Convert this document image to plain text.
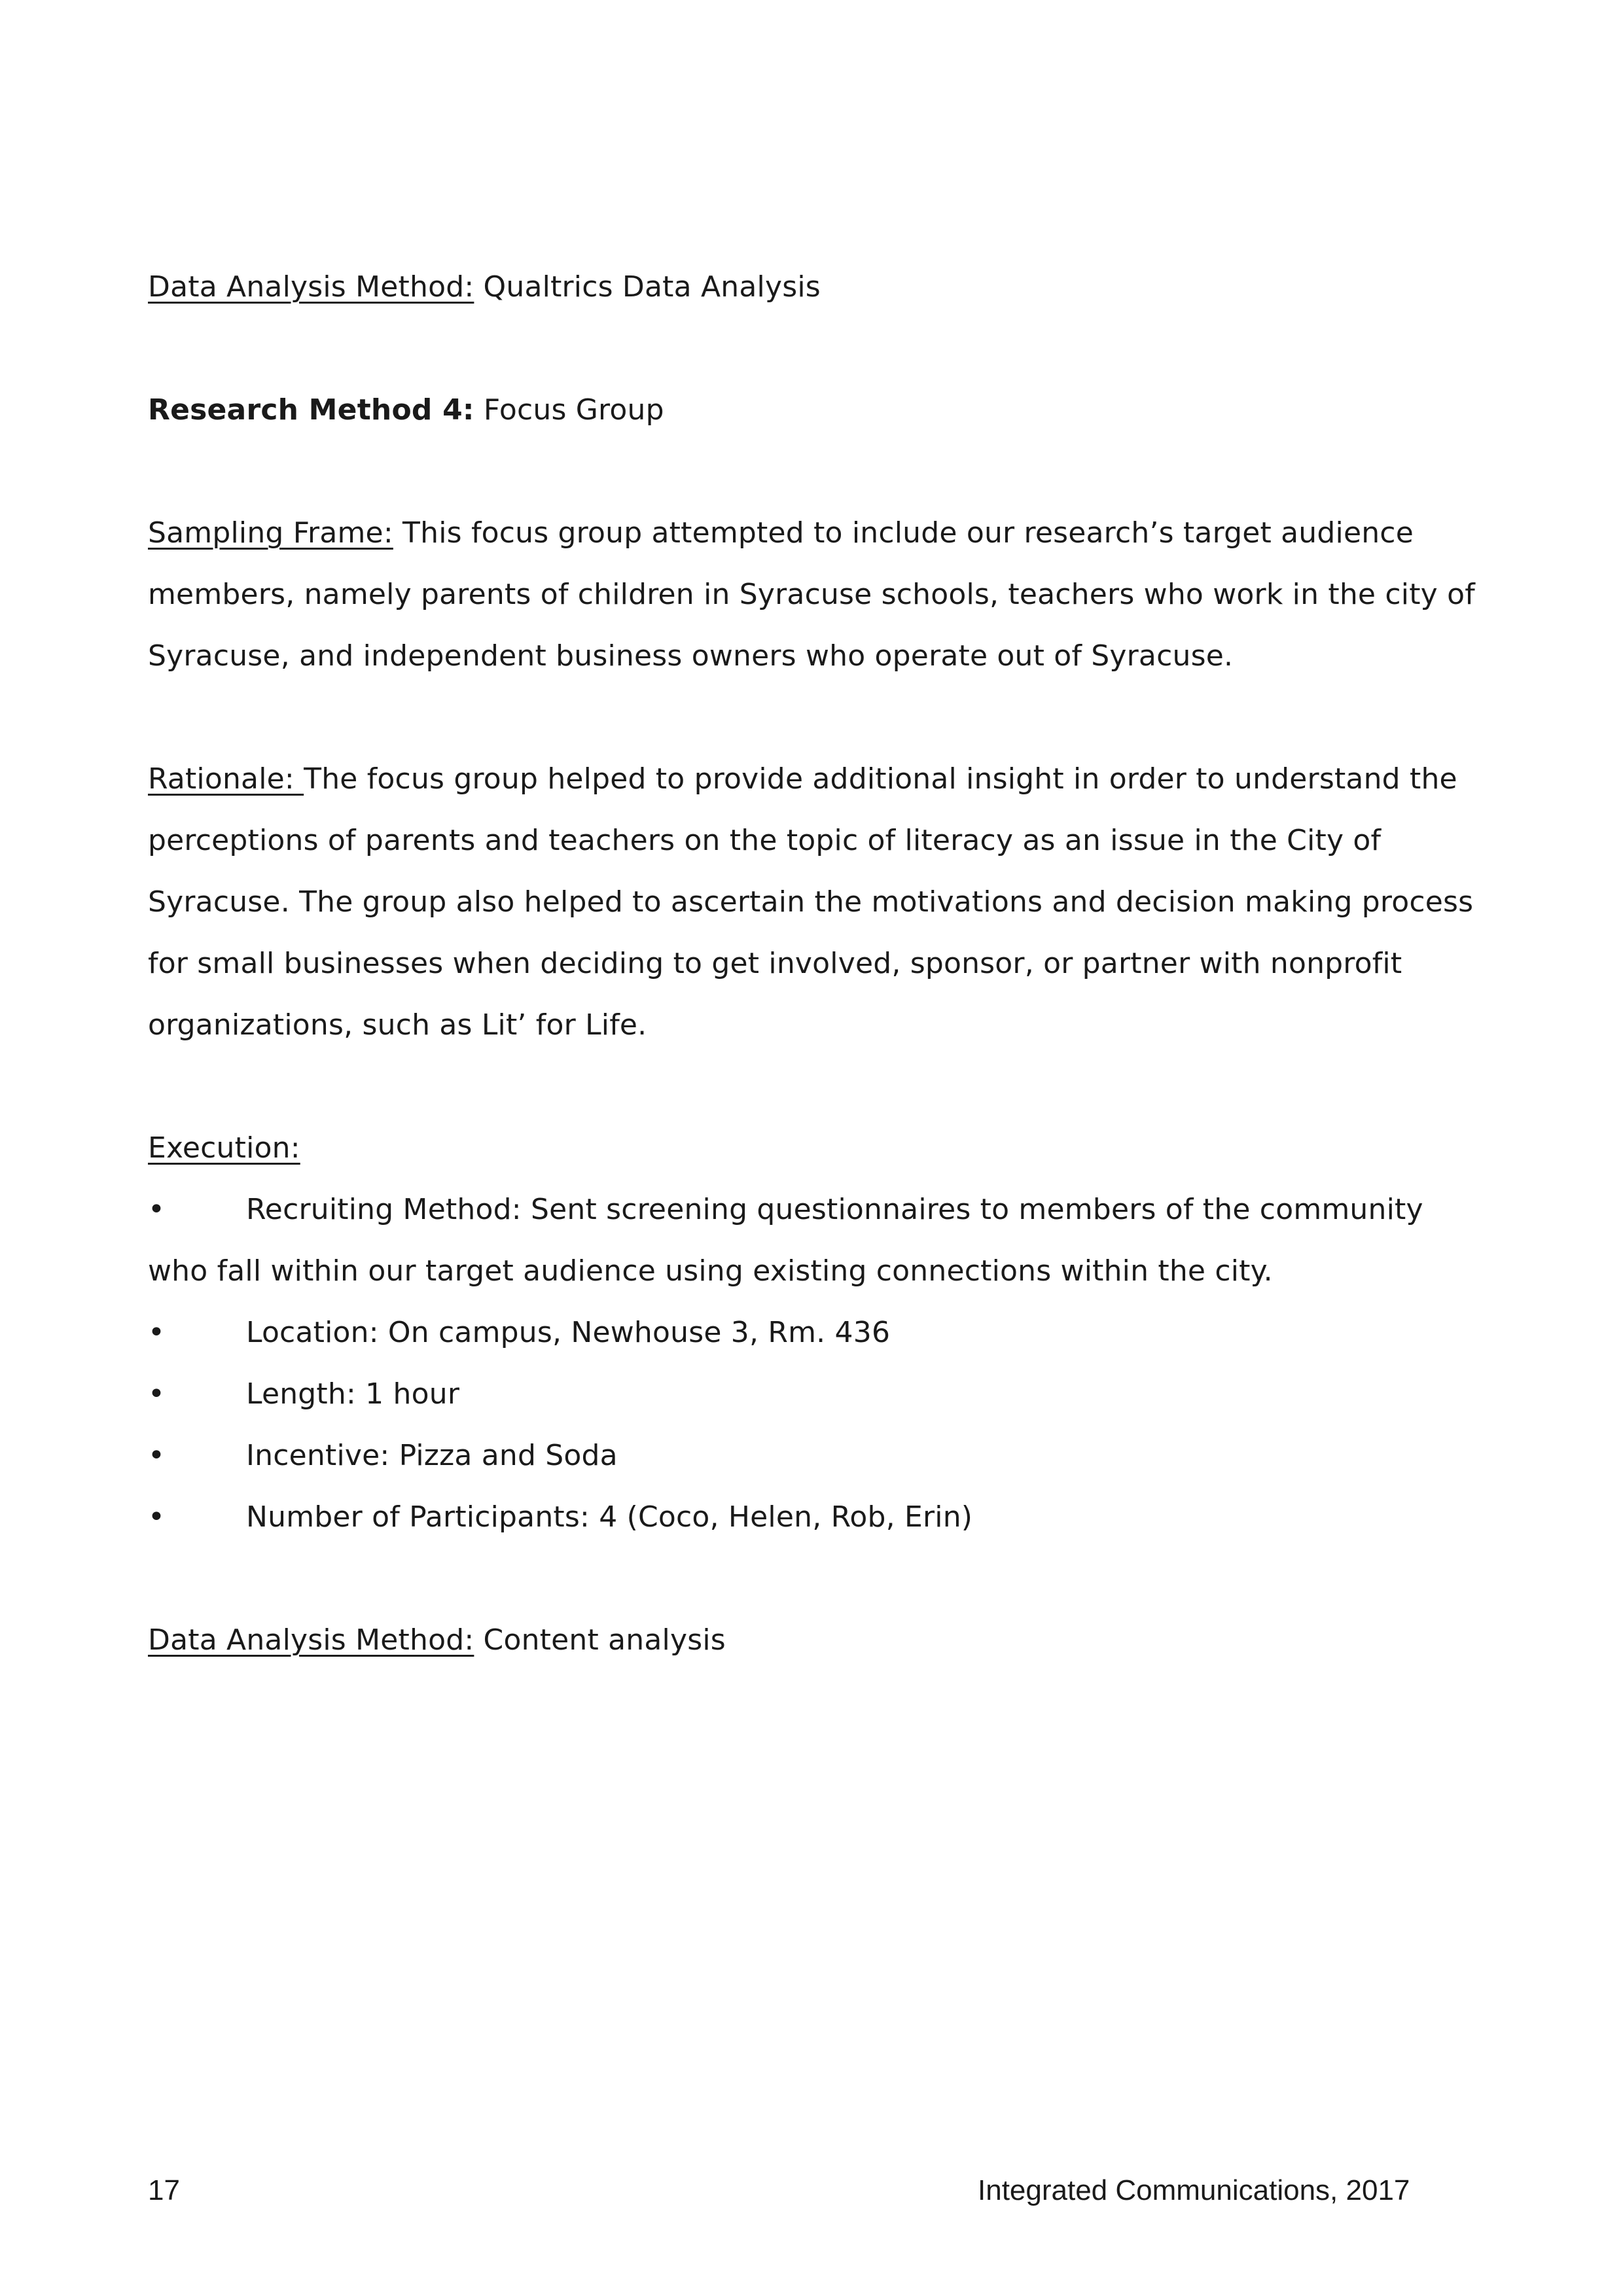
Data Analysis Method: Qualtrics Data Analysis

Research Method 4: Focus Group

Sampling Frame: This focus group attempted to include our research’s target audience members, namely parents of children in Syracuse schools, teachers who work in the city of Syracuse, and independent business owners who operate out of Syracuse.

Rationale: The focus group helped to provide additional insight in order to understand the perceptions of parents and teachers on the topic of literacy as an issue in the City of Syracuse. The group also helped to ascertain the motivations and decision making process for small businesses when deciding to get involved, sponsor, or partner with nonprofit organizations, such as Lit’ for Life.

Execution:

•	Recruiting Method: Sent screening questionnaires to members of the community who fall within our target audience using existing connections within the city.

•	Location: On campus, Newhouse 3, Rm. 436

•	Length: 1 hour

•	Incentive: Pizza and Soda

•	Number of Participants: 4 (Coco, Helen, Rob, Erin)

Data Analysis Method: Content analysis

17	Integrated Communications, 2017
